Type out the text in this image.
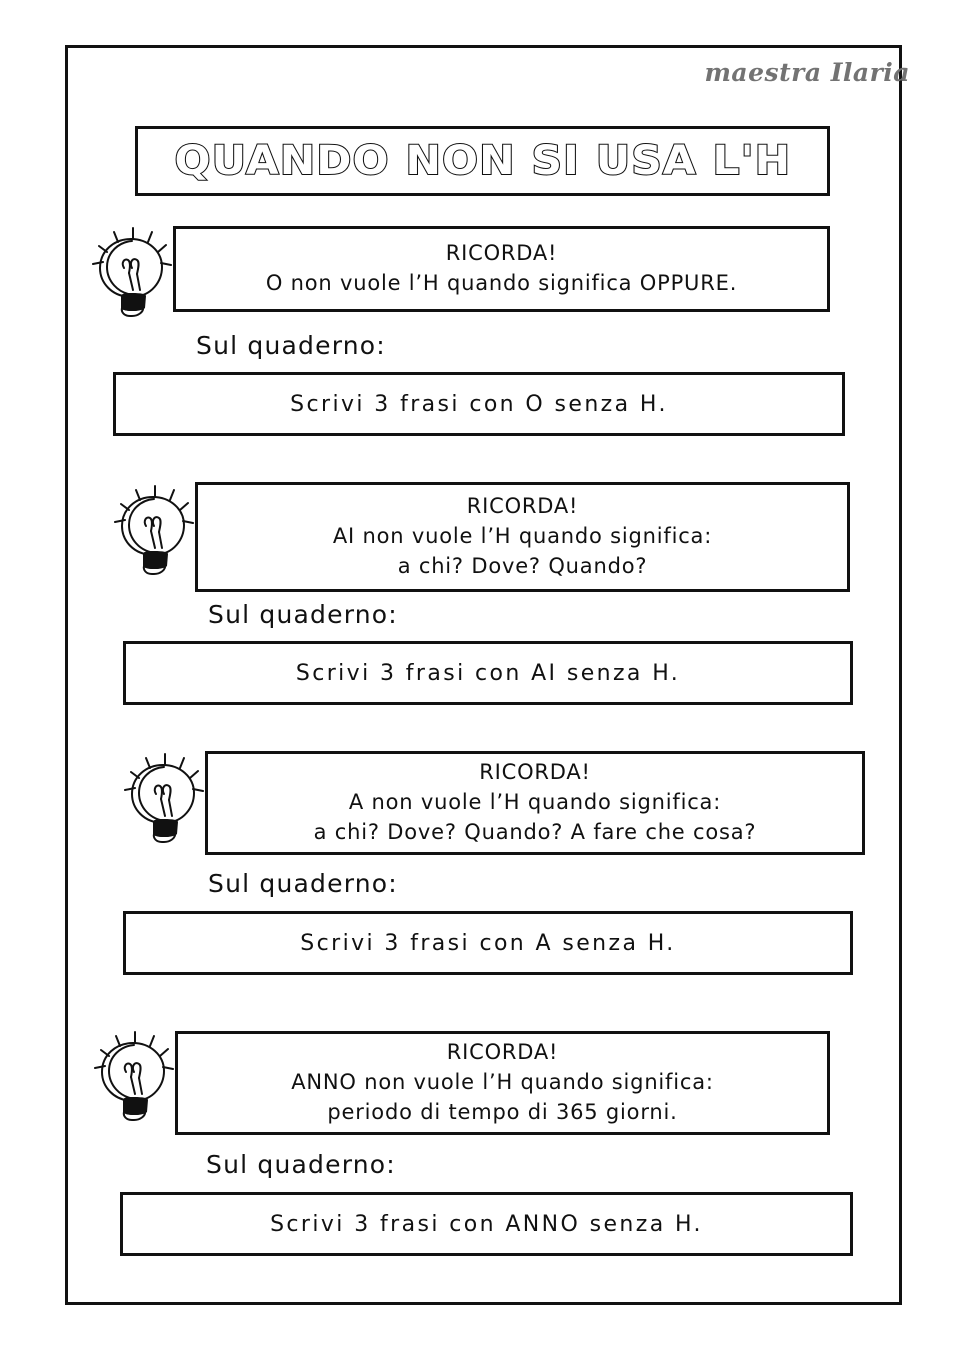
maestra Ilaria
QUANDO NON SI USA L'H
RICORDA!
O non vuole l’H quando significa OPPURE.
Sul quaderno:
Scrivi 3 frasi con O senza H.
RICORDA!
AI non vuole l’H quando significa:
a chi? Dove? Quando?
Sul quaderno:
Scrivi 3 frasi con AI senza H.
RICORDA!
A non vuole l’H quando significa:
a chi? Dove? Quando? A fare che cosa?
Sul quaderno:
Scrivi 3 frasi con A senza H.
RICORDA!
ANNO non vuole l’H quando significa:
periodo di tempo di 365 giorni.
Sul quaderno:
Scrivi 3 frasi con ANNO senza H.
